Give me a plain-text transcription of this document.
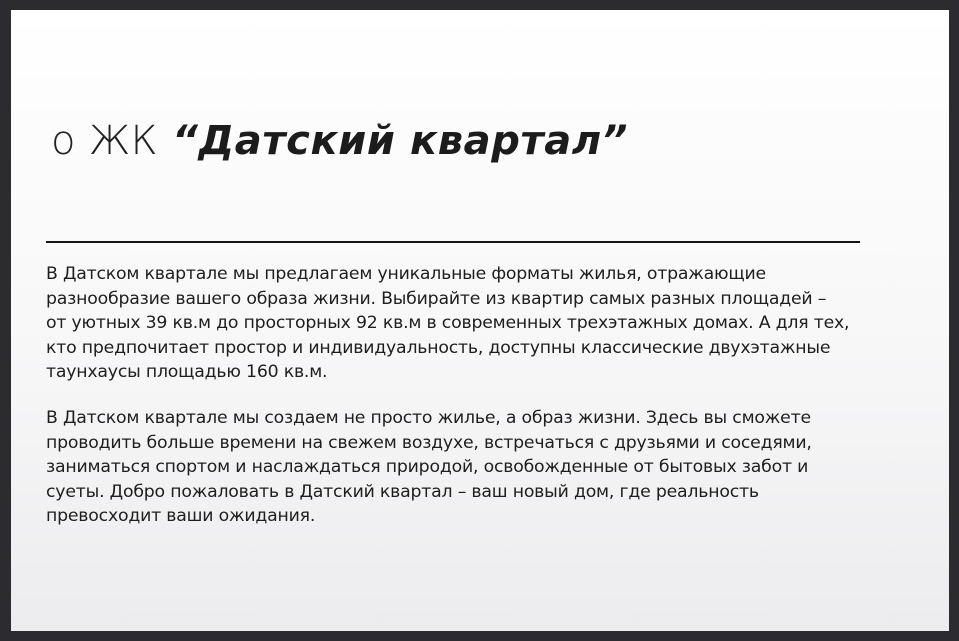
о ЖК “Датский квартал”

В Датском квартале мы предлагаем уникальные форматы жилья, отражающие
разнообразие вашего образа жизни. Выбирайте из квартир самых разных площадей –
от уютных 39 кв.м до просторных 92 кв.м в современных трехэтажных домах. А для тех,
кто предпочитает простор и индивидуальность, доступны классические двухэтажные
таунхаусы площадью 160 кв.м.

В Датском квартале мы создаем не просто жилье, а образ жизни. Здесь вы сможете
проводить больше времени на свежем воздухе, встречаться с друзьями и соседями,
заниматься спортом и наслаждаться природой, освобожденные от бытовых забот и
суеты. Добро пожаловать в Датский квартал – ваш новый дом, где реальность
превосходит ваши ожидания.
